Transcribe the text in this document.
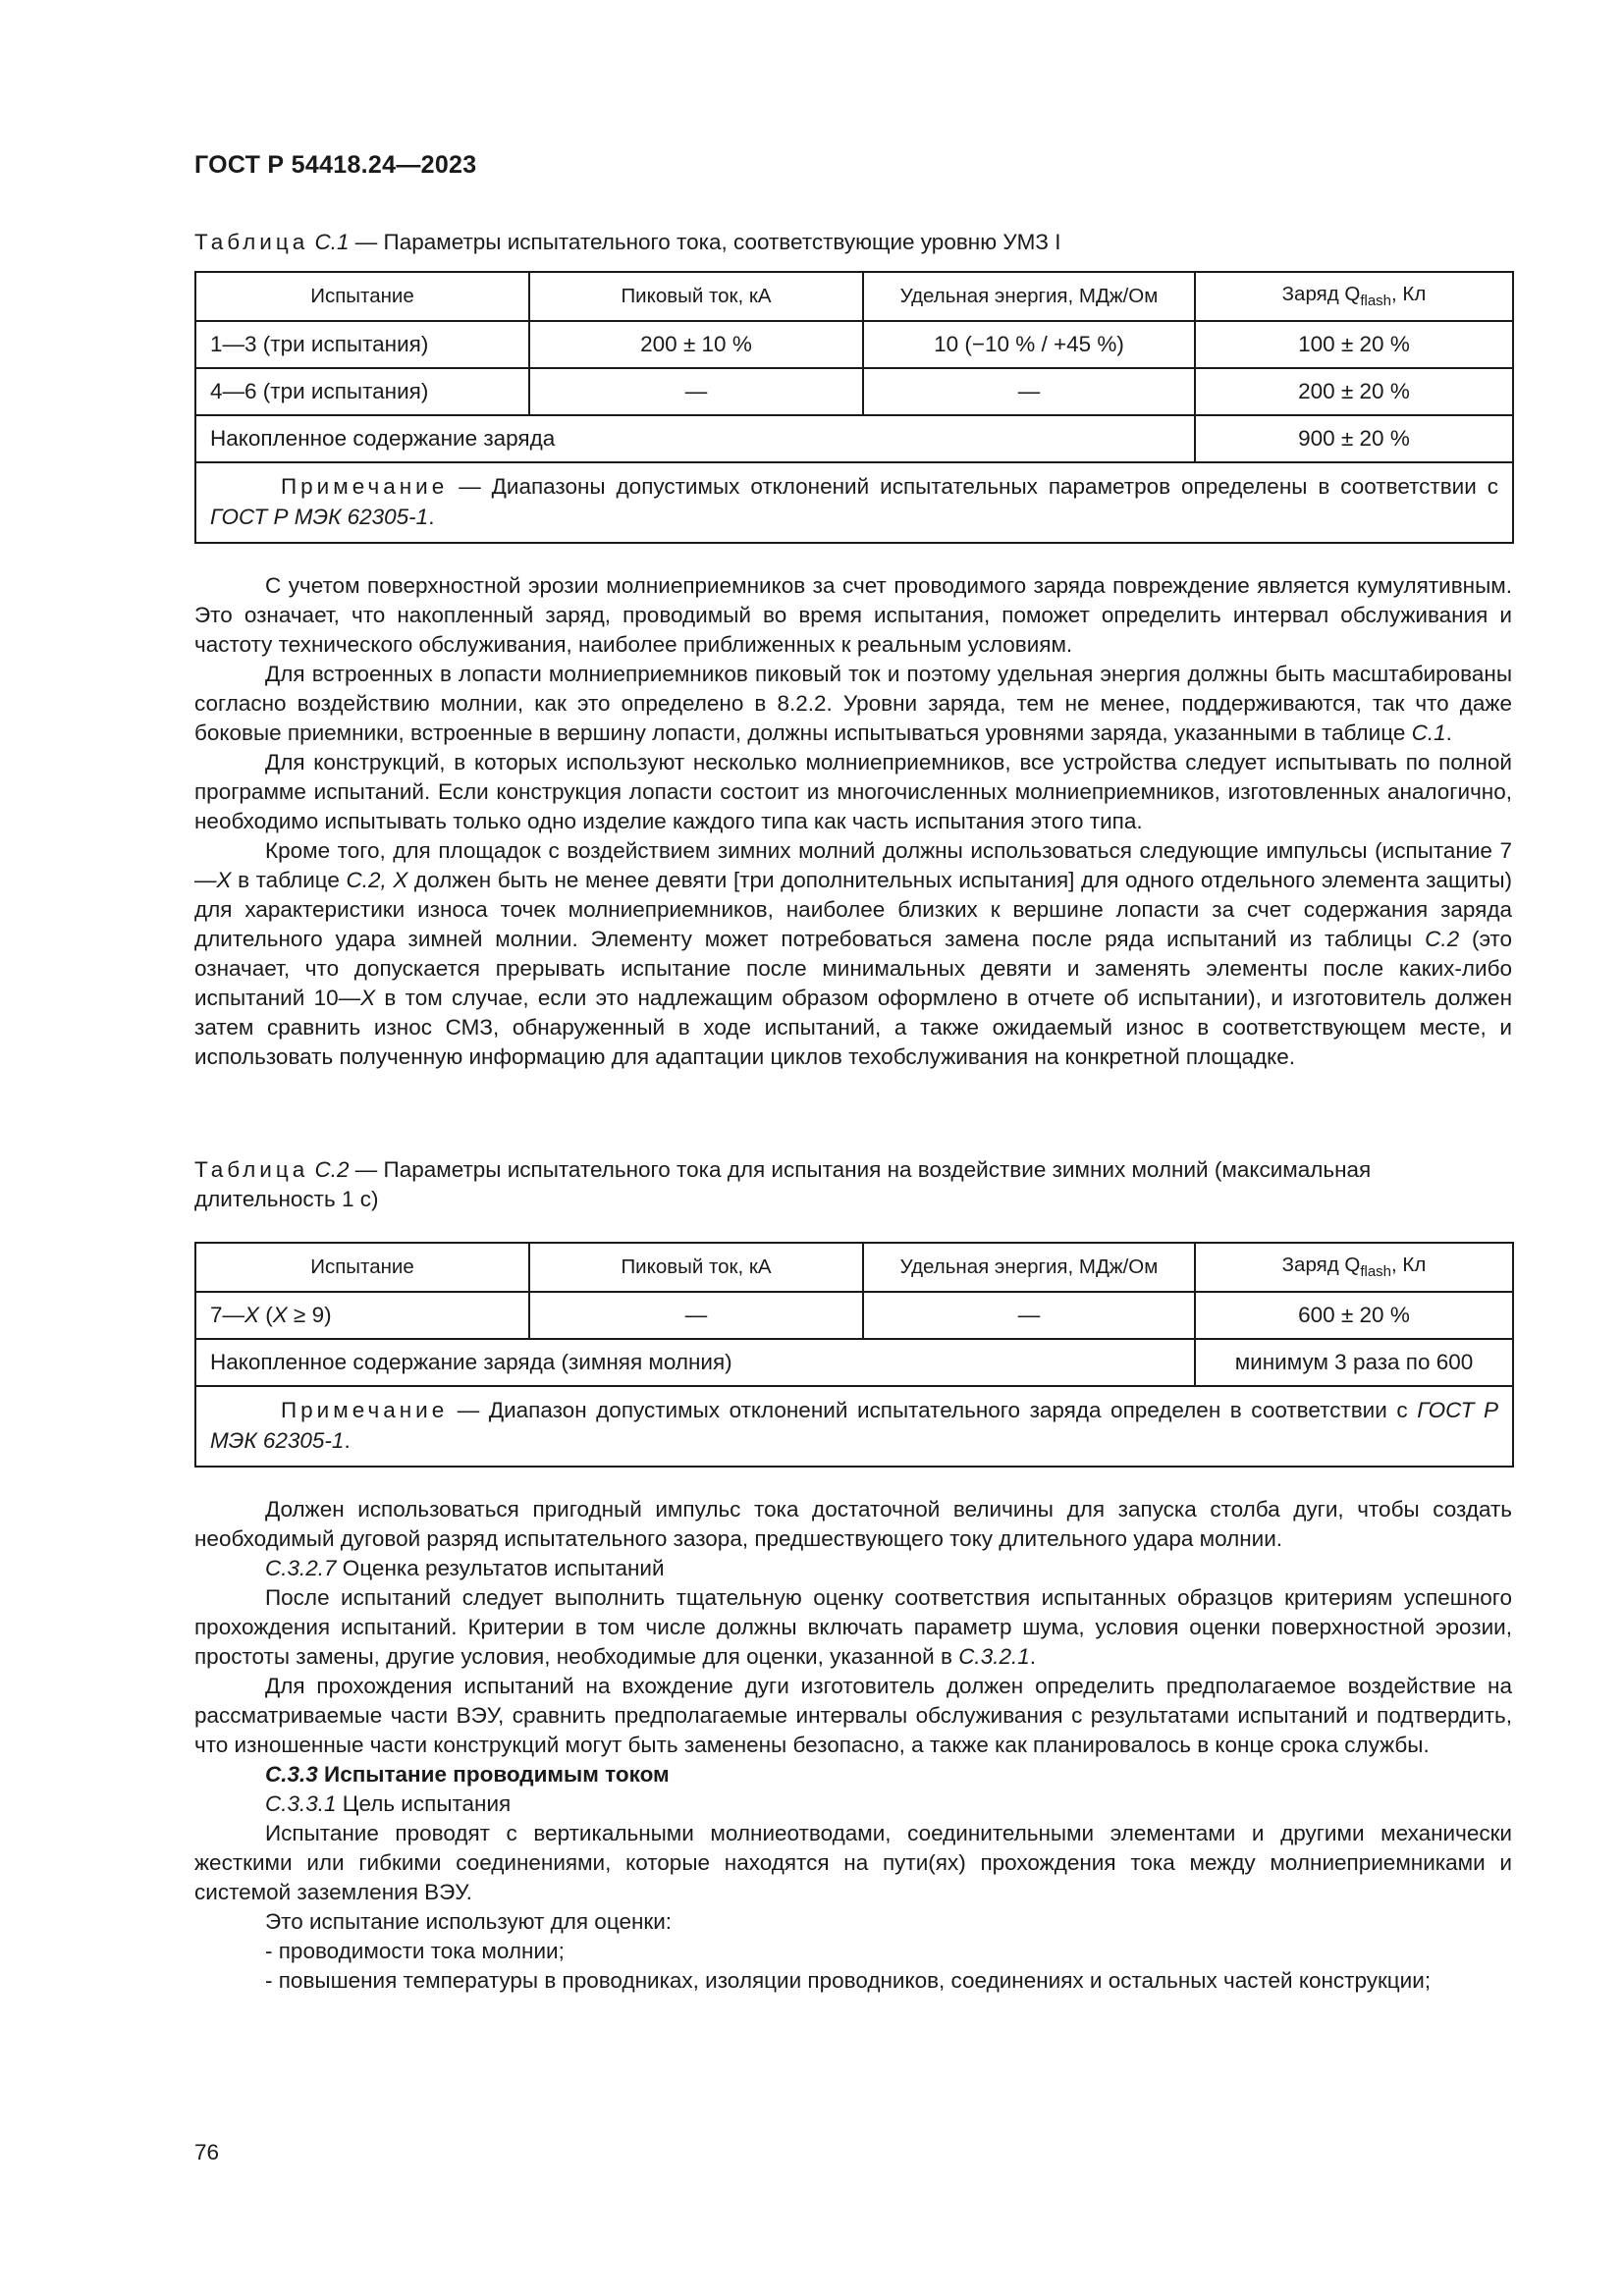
ГОСТ Р 54418.24—2023
Таблица С.1 — Параметры испытательного тока, соответствующие уровню УМЗ I
Испытание	Пиковый ток, кА	Удельная энергия, МДж/Ом	Заряд $Q_{flash}$, Кл
1—3 (три испытания)	200 ± 10 %	10 (−10 % / +45 %)	100 ± 20 %
4—6 (три испытания)	—	—	200 ± 20 %
Накопленное содержание заряда			900 ± 20 %
Примечание — Диапазоны допустимых отклонений испытательных параметров определены в соответствии с ГОСТ Р МЭК 62305-1.			

С учетом поверхностной эрозии молниеприемников за счет проводимого заряда повреждение является кумулятивным. Это означает, что накопленный заряд, проводимый во время испытания, поможет определить интервал обслуживания и частоту технического обслуживания, наиболее приближенных к реальным условиям.

Для встроенных в лопасти молниеприемников пиковый ток и поэтому удельная энергия должны быть масштабированы согласно воздействию молнии, как это определено в 8.2.2. Уровни заряда, тем не менее, поддерживаются, так что даже боковые приемники, встроенные в вершину лопасти, должны испытываться уровнями заряда, указанными в таблице С.1.

Для конструкций, в которых используют несколько молниеприемников, все устройства следует испытывать по полной программе испытаний. Если конструкция лопасти состоит из многочисленных молниеприемников, изготовленных аналогично, необходимо испытывать только одно изделие каждого типа как часть испытания этого типа.

Кроме того, для площадок с воздействием зимних молний должны использоваться следующие импульсы (испытание 7—X в таблице С.2, X должен быть не менее девяти [три дополнительных испытания] для одного отдельного элемента защиты) для характеристики износа точек молниеприемников, наиболее близких к вершине лопасти за счет содержания заряда длительного удара зимней молнии. Элементу может потребоваться замена после ряда испытаний из таблицы С.2 (это означает, что допускается прерывать испытание после минимальных девяти и заменять элементы после каких-либо испытаний 10—X в том случае, если это надлежащим образом оформлено в отчете об испытании), и изготовитель должен затем сравнить износ СМЗ, обнаруженный в ходе испытаний, а также ожидаемый износ в соответствующем месте, и использовать полученную информацию для адаптации циклов техобслуживания на конкретной площадке.

Таблица С.2 — Параметры испытательного тока для испытания на воздействие зимних молний (максимальная длительность 1 с)
Испытание	Пиковый ток, кА	Удельная энергия, МДж/Ом	Заряд $Q_{flash}$, Кл
7—X (X ≥ 9)	—	—	600 ± 20 %
Накопленное содержание заряда (зимняя молния)			минимум 3 раза по 600
Примечание — Диапазон допустимых отклонений испытательного заряда определен в соответствии с ГОСТ Р МЭК 62305-1.			

Должен использоваться пригодный импульс тока достаточной величины для запуска столба дуги, чтобы создать необходимый дуговой разряд испытательного зазора, предшествующего току длительного удара молнии.

С.3.2.7 Оценка результатов испытаний

После испытаний следует выполнить тщательную оценку соответствия испытанных образцов критериям успешного прохождения испытаний. Критерии в том числе должны включать параметр шума, условия оценки поверхностной эрозии, простоты замены, другие условия, необходимые для оценки, указанной в С.3.2.1.

Для прохождения испытаний на вхождение дуги изготовитель должен определить предполагаемое воздействие на рассматриваемые части ВЭУ, сравнить предполагаемые интервалы обслуживания с результатами испытаний и подтвердить, что изношенные части конструкций могут быть заменены безопасно, а также как планировалось в конце срока службы.

С.3.3 Испытание проводимым током

С.3.3.1 Цель испытания

Испытание проводят с вертикальными молниеотводами, соединительными элементами и другими механически жесткими или гибкими соединениями, которые находятся на пути(ях) прохождения тока между молниеприемниками и системой заземления ВЭУ.

Это испытание используют для оценки:

- проводимости тока молнии;

- повышения температуры в проводниках, изоляции проводников, соединениях и остальных частей конструкции;

76
